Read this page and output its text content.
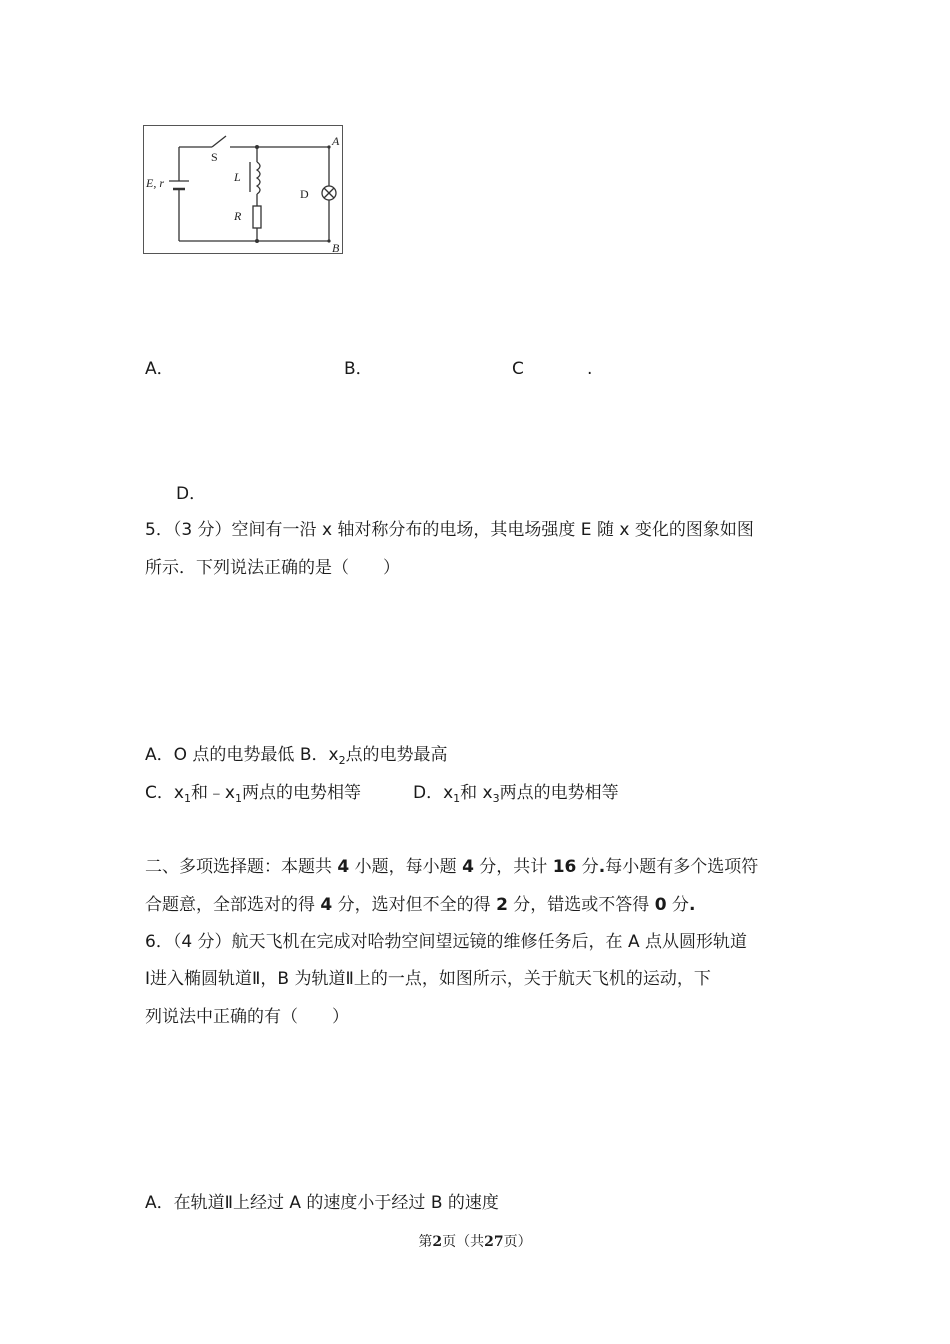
S
L
R
D
E, r
A
B
A．	B．	C	.
D．
5．（3 分）空间有一沿 x 轴对称分布的电场，其电场强度 E 随 x 变化的图象如图
所示．下列说法正确的是（　　）
A．O 点的电势最低 B．$x_2$点的电势最高
C．$x_1$和$﹣x_1$两点的电势相等	D．$x_1$和 $x_3$两点的电势相等
二、多项选择题：本题共 4 小题，每小题 4 分，共计 16 分.每小题有多个选项符
合题意，全部选对的得 4 分，选对但不全的得 2 分，错选或不答得 0 分.
6．（4 分）航天飞机在完成对哈勃空间望远镜的维修任务后，在 A 点从圆形轨道
Ⅰ进入椭圆轨道Ⅱ，B 为轨道Ⅱ上的一点，如图所示，关于航天飞机的运动，下
列说法中正确的有（　　）
A．在轨道Ⅱ上经过 A 的速度小于经过 B 的速度
第2页（共27页）
